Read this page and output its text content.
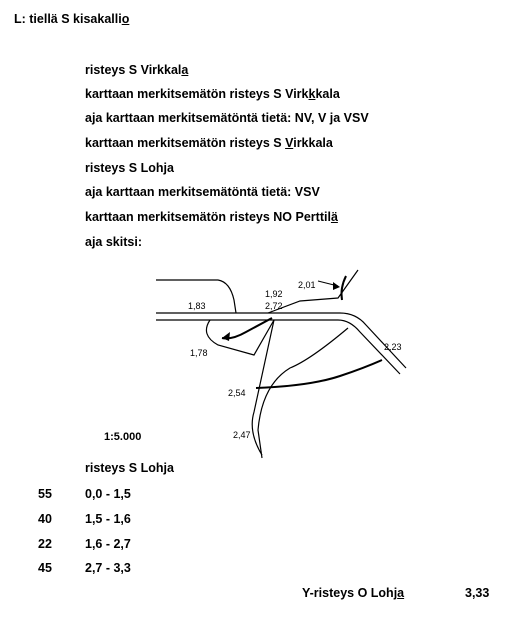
L: tiellä S kisakallio
risteys S Virkkala
karttaan merkitsemätön risteys S Virkkkala
aja karttaan merkitsemätöntä tietä: NV, V ja VSV
karttaan merkitsemätön risteys S Virkkala
risteys S Lohja
aja karttaan merkitsemätöntä tietä: VSV
karttaan merkitsemätön risteys NO Perttilä
aja skitsi:
2,01
1,92
2,72
1,83
1,78
2,23
2,54
2,47
1:5.000
risteys S Lohja
55	0,0 - 1,5
40	1,5 - 1,6
22	1,6 - 2,7
45	2,7 - 3,3
Y-risteys O Lohja	3,33
